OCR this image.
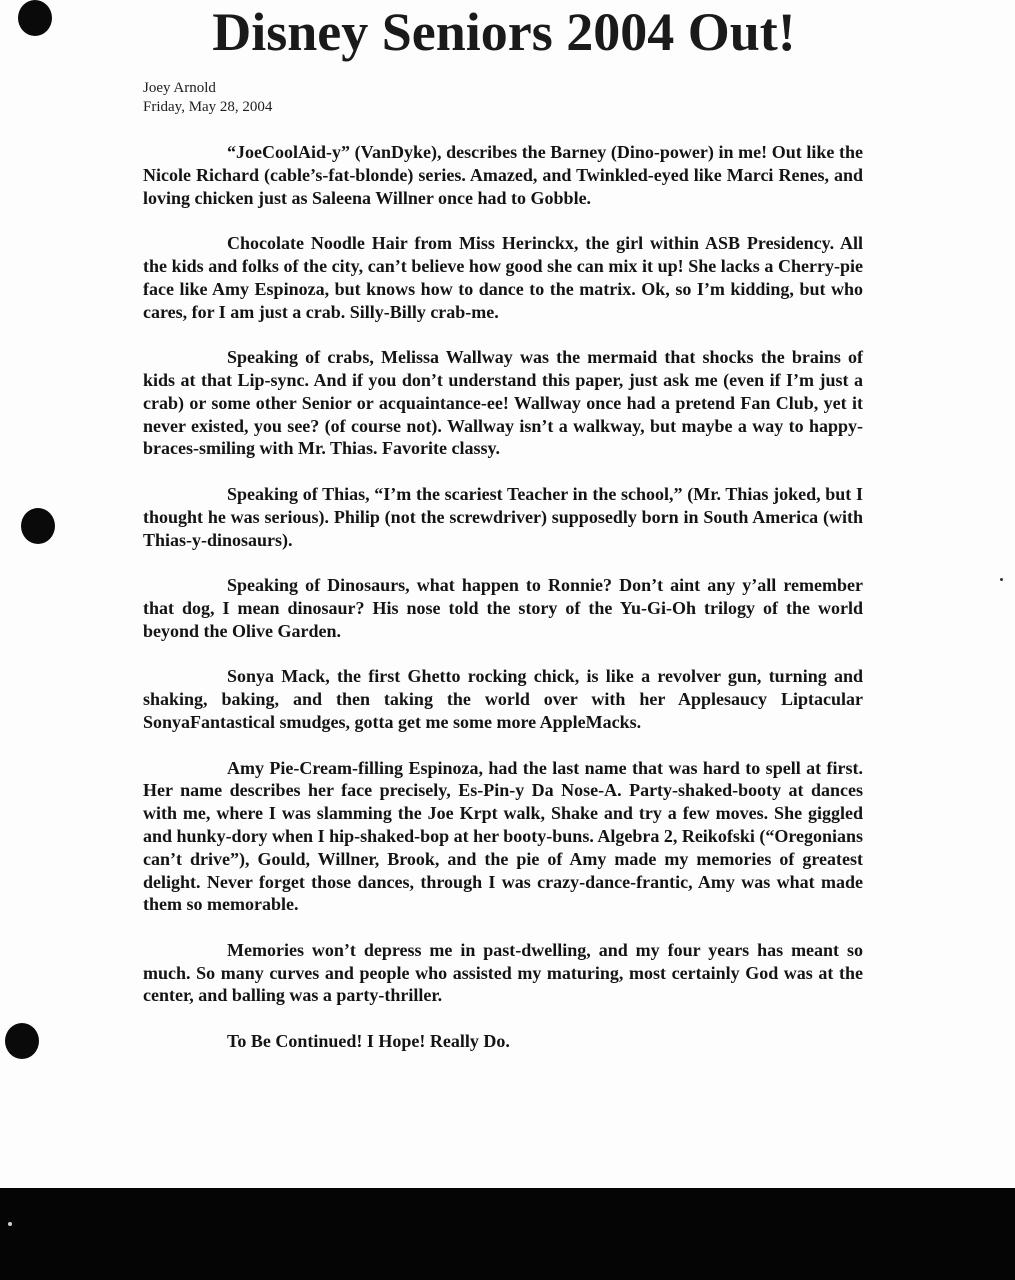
Disney Seniors 2004 Out!
Joey Arnold
Friday, May 28, 2004

“JoeCoolAid-y” (VanDyke), describes the Barney (Dino-power) in me! Out like the Nicole Richard (cable’s-fat-blonde) series. Amazed, and Twinkled-eyed like Marci Renes, and loving chicken just as Saleena Willner once had to Gobble.

Chocolate Noodle Hair from Miss Herinckx, the girl within ASB Presidency. All the kids and folks of the city, can’t believe how good she can mix it up! She lacks a Cherry-pie face like Amy Espinoza, but knows how to dance to the matrix. Ok, so I’m kidding, but who cares, for I am just a crab. Silly-Billy crab-me.

Speaking of crabs, Melissa Wallway was the mermaid that shocks the brains of kids at that Lip-sync. And if you don’t understand this paper, just ask me (even if I’m just a crab) or some other Senior or acquaintance-ee! Wallway once had a pretend Fan Club, yet it never existed, you see? (of course not). Wallway isn’t a walkway, but maybe a way to happy-braces-smiling with Mr. Thias. Favorite classy.

Speaking of Thias, “I’m the scariest Teacher in the school,” (Mr. Thias joked, but I thought he was serious). Philip (not the screwdriver) supposedly born in South America (with Thias-y-dinosaurs).

Speaking of Dinosaurs, what happen to Ronnie? Don’t aint any y’all remember that dog, I mean dinosaur? His nose told the story of the Yu-Gi-Oh trilogy of the world beyond the Olive Garden.

Sonya Mack, the first Ghetto rocking chick, is like a revolver gun, turning and shaking, baking, and then taking the world over with her Applesaucy Liptacular SonyaFantastical smudges, gotta get me some more AppleMacks.

Amy Pie-Cream-filling Espinoza, had the last name that was hard to spell at first. Her name describes her face precisely, Es-Pin-y Da Nose-A. Party-shaked-booty at dances with me, where I was slamming the Joe Krpt walk, Shake and try a few moves. She giggled and hunky-dory when I hip-shaked-bop at her booty-buns. Algebra 2, Reikofski (“Oregonians can’t drive”), Gould, Willner, Brook, and the pie of Amy made my memories of greatest delight. Never forget those dances, through I was crazy-dance-frantic, Amy was what made them so memorable.

Memories won’t depress me in past-dwelling, and my four years has meant so much. So many curves and people who assisted my maturing, most certainly God was at the center, and balling was a party-thriller.

To Be Continued! I Hope! Really Do.
